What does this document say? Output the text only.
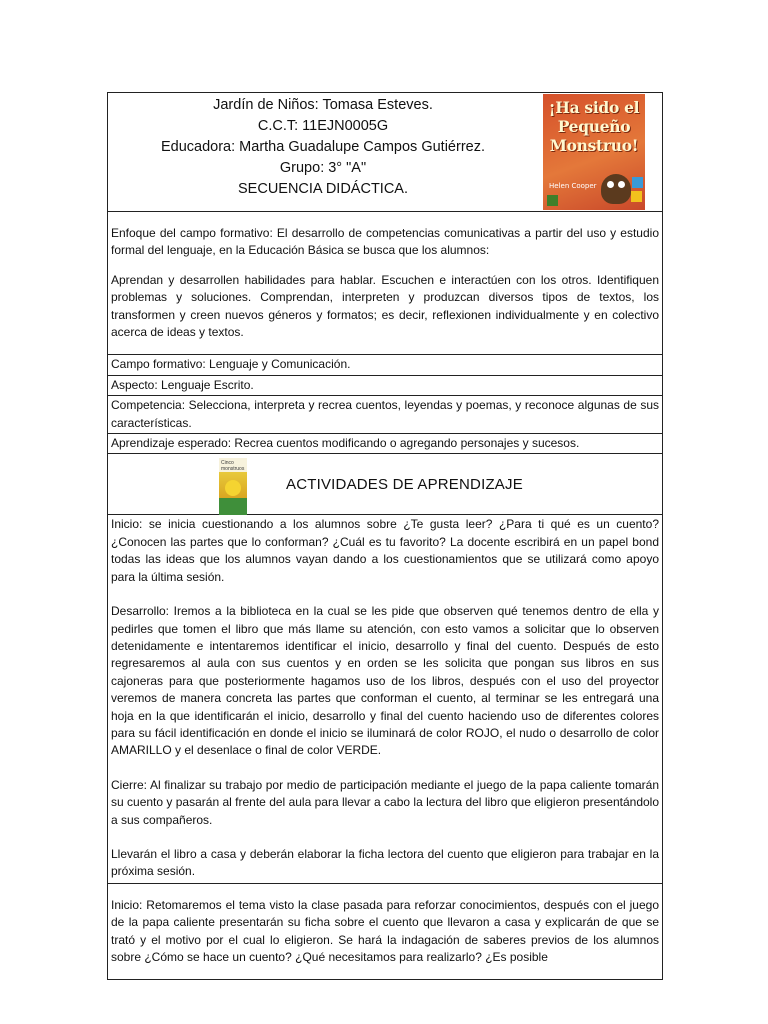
Jardín de Niños: Tomasa Esteves.
C.C.T: 11EJN0005G
Educadora: Martha Guadalupe Campos Gutiérrez.
Grupo: 3° "A"
SECUENCIA DIDÁCTICA.
¡Ha sido el Pequeño Monstruo!
Helen Cooper

Enfoque del campo formativo: El desarrollo de competencias comunicativas a partir del uso y estudio formal del lenguaje, en la Educación Básica se busca que los alumnos:

Aprendan y desarrollen habilidades para hablar. Escuchen e interactúen con los otros. Identifiquen problemas y soluciones. Comprendan, interpreten y produzcan diversos tipos de textos, los transformen y creen nuevos géneros y formatos; es decir, reflexionen individualmente y en colectivo acerca de ideas y textos.

Campo formativo: Lenguaje y Comunicación.
Aspecto: Lenguaje Escrito.
Competencia: Selecciona, interpreta y recrea cuentos, leyendas y poemas, y reconoce algunas de sus características.
Aprendizaje esperado: Recrea cuentos modificando o agregando personajes y sucesos.

Cinco monstruos
ACTIVIDADES DE APRENDIZAJE

Inicio: se inicia cuestionando a los alumnos sobre ¿Te gusta leer? ¿Para ti qué es un cuento? ¿Conocen las partes que lo conforman? ¿Cuál es tu favorito? La docente escribirá en un papel bond todas las ideas que los alumnos vayan dando a los cuestionamientos que se utilizará como apoyo para la última sesión.

Desarrollo: Iremos a la biblioteca en la cual se les pide que observen qué tenemos dentro de ella y pedirles que tomen el libro que más llame su atención, con esto vamos a solicitar que lo observen detenidamente e intentaremos identificar el inicio, desarrollo y final del cuento. Después de esto regresaremos al aula con sus cuentos y en orden se les solicita que pongan sus libros en sus cajoneras para que posteriormente hagamos uso de los libros, después con el uso del proyector veremos de manera concreta las partes que conforman el cuento, al terminar se les entregará una hoja en la que identificarán el inicio, desarrollo y final del cuento haciendo uso de diferentes colores para su fácil identificación en donde el inicio se iluminará de color ROJO, el nudo o desarrollo de color AMARILLO y el desenlace o final de color VERDE.

Cierre: Al finalizar su trabajo por medio de participación mediante el juego de la papa caliente tomarán su cuento y pasarán al frente del aula para llevar a cabo la lectura del libro que eligieron presentándolo a sus compañeros.

Llevarán el libro a casa y deberán elaborar la ficha lectora del cuento que eligieron para trabajar en la próxima sesión.

Inicio: Retomaremos el tema visto la clase pasada para reforzar conocimientos, después con el juego de la papa caliente presentarán su ficha sobre el cuento que llevaron a casa y explicarán de que se trató y el motivo por el cual lo eligieron. Se hará la indagación de saberes previos de los alumnos sobre ¿Cómo se hace un cuento? ¿Qué necesitamos para realizarlo? ¿Es posible
